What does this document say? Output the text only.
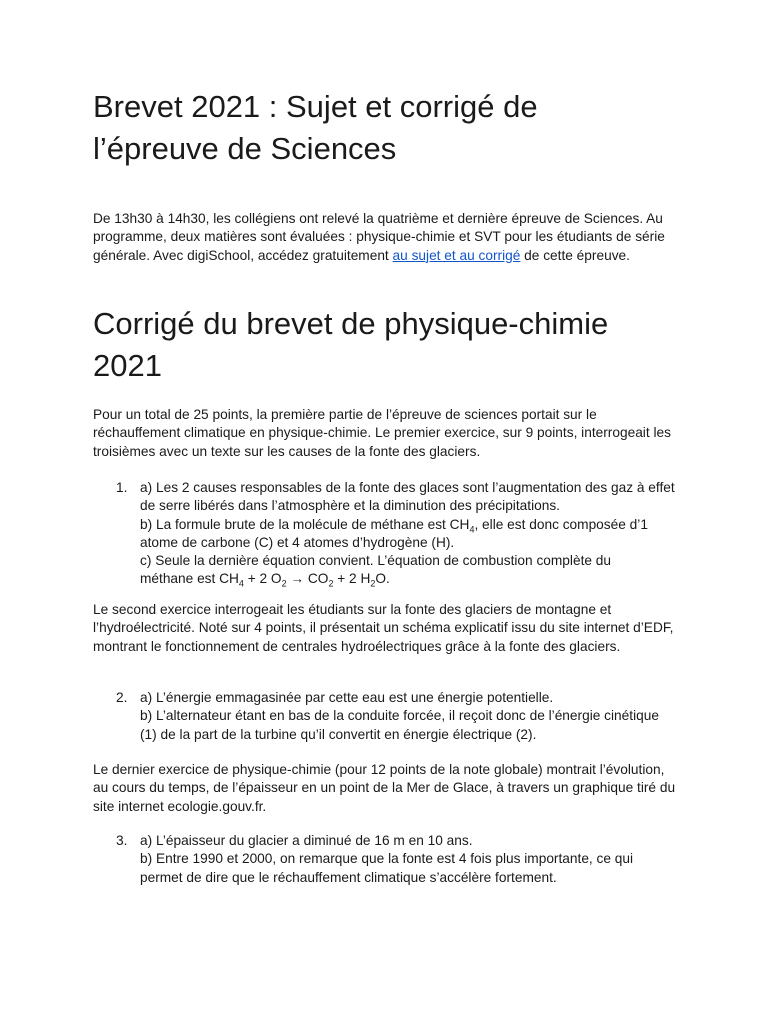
Brevet 2021 : Sujet et corrigé de
l’épreuve de Sciences

De 13h30 à 14h30, les collégiens ont relevé la quatrième et dernière épreuve de Sciences. Au programme, deux matières sont évaluées : physique-chimie et SVT pour les étudiants de série générale. Avec digiSchool, accédez gratuitement au sujet et au corrigé de cette épreuve.

Corrigé du brevet de physique-chimie
2021

Pour un total de 25 points, la première partie de l’épreuve de sciences portait sur le réchauffement climatique en physique-chimie. Le premier exercice, sur 9 points, interrogeait les troisièmes avec un texte sur les causes de la fonte des glaciers.

1. a) Les 2 causes responsables de la fonte des glaces sont l’augmentation des gaz à effet de serre libérés dans l’atmosphère et la diminution des précipitations.
b) La formule brute de la molécule de méthane est $CH_4$, elle est donc composée d’1 atome de carbone (C) et 4 atomes d’hydrogène (H).
c) Seule la dernière équation convient. L’équation de combustion complète du
méthane est $CH_4 + 2$ $O_2 \to CO_2 + 2$ $H_2O$.

Le second exercice interrogeait les étudiants sur la fonte des glaciers de montagne et l’hydroélectricité. Noté sur 4 points, il présentait un schéma explicatif issu du site internet d’EDF, montrant le fonctionnement de centrales hydroélectriques grâce à la fonte des glaciers.

2. a) L’énergie emmagasinée par cette eau est une énergie potentielle.
b) L’alternateur étant en bas de la conduite forcée, il reçoit donc de l’énergie cinétique (1) de la part de la turbine qu’il convertit en énergie électrique (2).

Le dernier exercice de physique-chimie (pour 12 points de la note globale) montrait l’évolution, au cours du temps, de l’épaisseur en un point de la Mer de Glace, à travers un graphique tiré du site internet ecologie.gouv.fr.

3. a) L’épaisseur du glacier a diminué de 16 m en 10 ans.
b) Entre 1990 et 2000, on remarque que la fonte est 4 fois plus importante, ce qui permet de dire que le réchauffement climatique s’accélère fortement.
